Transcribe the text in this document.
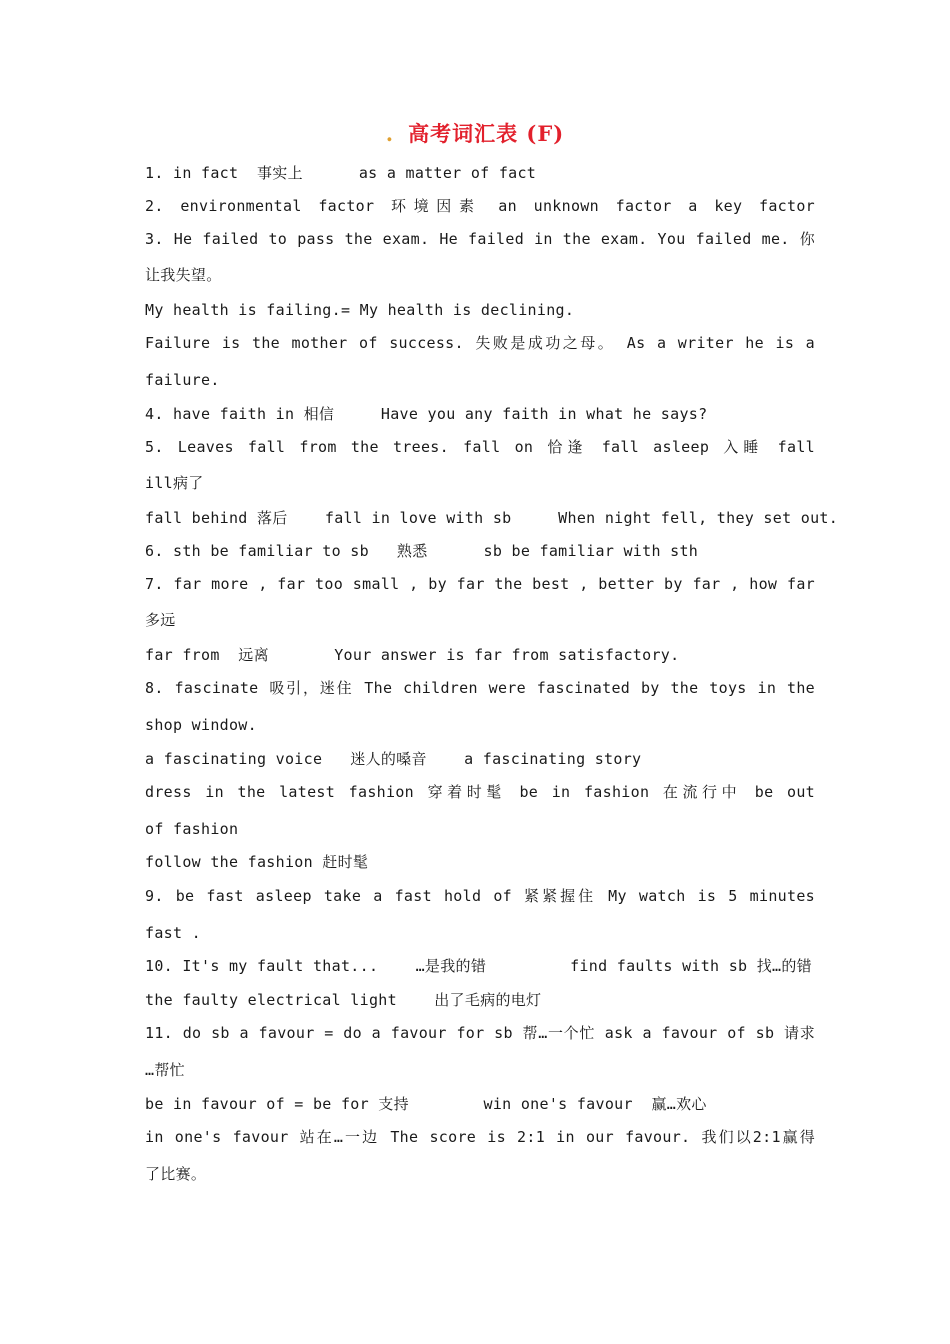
. 高考词汇表 (F)
1. in fact  事实上      as a matter of fact
2. environmental factor 环境因素 an unknown factor a key factor
3. He failed to pass the exam. He failed in the exam. You failed me. 你
让我失望。
My health is failing.= My health is declining.
Failure is the mother of success. 失败是成功之母。 As a writer he is a
failure.
4. have faith in 相信     Have you any faith in what he says?
5. Leaves fall from the trees. fall on 恰逢 fall asleep 入睡 fall
ill病了
fall behind 落后    fall in love with sb     When night fell, they set out.
6. sth be familiar to sb   熟悉      sb be familiar with sth
7. far more , far too small , by far the best , better by far , how far
多远
far from  远离       Your answer is far from satisfactory.
8. fascinate 吸引，迷住 The children were fascinated by the toys in the
shop window.
a fascinating voice   迷人的嗓音    a fascinating story
dress in the latest fashion 穿着时髦 be in fashion 在流行中 be out
of fashion
follow the fashion 赶时髦
9. be fast asleep take a fast hold of 紧紧握住 My watch is 5 minutes
fast .
10. It's my fault that...    …是我的错         find faults with sb 找…的错
the faulty electrical light    出了毛病的电灯
11. do sb a favour = do a favour for sb 帮…一个忙 ask a favour of sb 请求
…帮忙
be in favour of = be for 支持        win one's favour  赢…欢心
in one's favour 站在…一边 The score is 2:1 in our favour. 我们以2:1赢得
了比赛。
